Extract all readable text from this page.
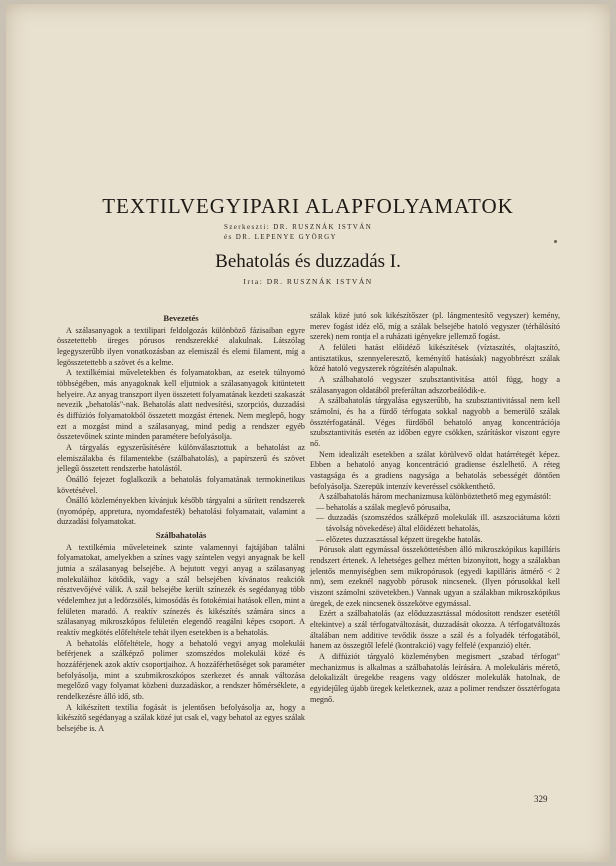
TEXTILVEGYIPARI ALAPFOLYAMATOK
Szerkeszti: DR. RUSZNÁK ISTVÁN
és DR. LEPENYE GYÖRGY
Behatolás és duzzadás I.
Irta: DR. RUSZNÁK ISTVÁN
Bevezetés

A szálasanyagok a textilipari feldolgozás különböző fázisaiban egyre összetettebb üreges pórusos rendszerekké alakulnak. Látszólag legegyszerűbb ilyen vonatkozásban az elemiszál és elemi filament, míg a legösszetettebb a szövet és a kelme.

A textilkémiai műveletekben és folyamatokban, az esetek túlnyomó többségében, más anyagoknak kell eljutniok a szálasanyagok kitüntetett helyeire. Az anyag transzport ilyen összetett folyamatának kezdeti szakaszát nevezik „behatolás"-nak. Behatolás alatt nedvesítési, szorpciós, duzzadási és diffúziós folyamatokból összetett mozgást értenek. Nem meglepő, hogy ezt a mozgást mind a szálasanyag, mind pedig a rendszer egyéb összetevőinek szinte minden paramétere befolyásolja.

A tárgyalás egyszerűsítésére különválasztottuk a behatolást az elemiszálakba és filamentekbe (szálbahatolás), a papírszerű és szövet jellegű összetett rendszerbe hatolástól.

Önálló fejezet foglalkozik a behatolás folyamatának termokinetikus követésével.

Önálló közleményekben kívánjuk később tárgyalni a sűrített rendszerek (nyomópép, appretura, nyomdafesték) behatolási folyamatait, valamint a duzzadási folyamatokat.

Szálbahatolás

A textilkémia műveleteinek szinte valamennyi fajtájában találni folyamatokat, amelyekben a színes vagy színtelen vegyi anyagnak be kell jutnia a szálasanyag belsejébe. A bejutott vegyi anyag a szálasanyag molekuláihoz kötődik, vagy a szál belsejében kívánatos reakciók résztvevőjévé válik. A szál belsejébe került színezék és segédanyag több védelemhez jut a ledörzsölés, kimosódás és fotokémiai hatások ellen, mint a felületen maradó. A reaktív színezés és kikészítés számára sincs a szálasanyag mikroszkópos felületén elegendő reagálni képes csoport. A reaktív megkötés előfeltétele tehát ilyen esetekben is a behatolás.

A behatolás előfeltétele, hogy a behatoló vegyi anyag molekulái beférjenek a szálképző polimer szomszédos molekulái közé és hozzáférjenek azok aktív csoportjaihoz. A hozzáférhetőséget sok paraméter befolyásolja, mint a szubmikroszkópos szerkezet és annak változása megelőző vagy folyamat közbeni duzzadáskor, a rendszer hőmérséklete, a rendelkezésre álló idő, stb.

A kikészített textília fogását is jelentősen befolyásolja az, hogy a kikészítő segédanyag a szálak közé jut csak el, vagy behatol az egyes szálak belsejébe is. A

szálak közé jutó sok kikészítőszer (pl. lángmentesítő vegyszer) kemény, merev fogást idéz elő, míg a szálak belsejébe hatoló vegyszer (térhálósító szerek) nem rontja el a ruházati igényekre jellemző fogást.

A felületi hatást előidéző kikészítések (víztaszítés, olajtaszító, antisztatikus, szennyeleresztő, keményítő hatásúak) nagyobbrészt szálak közé hatoló vegyszerek rögzítésén alapulnak.

A szálbahatoló vegyszer szubsztantivitása attól függ, hogy a szálasanyagon oldatából preferáltan adszorbeálódik-e.

A szálbahatolás tárgyalása egyszerűbb, ha szubsztantivitással nem kell számolni, és ha a fürdő térfogata sokkal nagyobb a bemerülő szálak össztérfogatánál. Véges fürdőből behatoló anyag koncentrációja szubsztantivitás esetén az időben egyre csökken, szárításkor viszont egyre nő.

Nem idealizált esetekben a szálat körülvevő oldat határrétegét képez. Ebben a behatoló anyag koncentráció gradiense észlelhető. A réteg vastagsága és a gradiens nagysága a behatolás sebességét döntően befolyásolja. Szerepük intenzív keveréssel csökkenthető.

A szálbahatolás három mechanizmusa különböztethető meg egymástól:

— behatolás a szálak meglevő pórusaiba,
— duzzadás (szomszédos szálképző molekulák ill. aszszociátuma közti távolság növekedése) által előidézett behatolás,
— előzetes duzzasztással képzett üregekbe hatolás.

Pórusok alatt egymással összeköttetésben álló mikroszkópikus kapilláris rendszert értenek. A lehetséges gelhez mérten bizonyított, hogy a szálakban jelentős mennyiségben sem mikropórusok (egyedi kapilláris átmérő < 2 nm), sem ezeknél nagyobb pórusok nincsenek. (Ilyen pórusokkal kell viszont számolni szövetekben.) Vannak ugyan a szálakban mikroszkópikus üregek, de ezek nincsenek összekötve egymással.

Ezért a szálbahatolás (az előduzzasztással módosított rendszer esetétől eltekintve) a szál térfogatváltozását, duzzadását okozza. A térfogatváltozás általában nem additive tevődik össze a szál és a folyadék térfogatából, hanem az összegtől lefelé (kontrakció) vagy felfelé (expanzió) eltér.

A diffúziót tárgyaló közleményben megismert „szabad térfogat" mechanizmus is alkalmas a szálbahatolás leírására. A molekuláris mérető, delokalizált üregekbe reagens vagy oldószer molekulák hatolnak, de egyidejűleg újabb üregek keletkeznek, azaz a polimer rendszer össztérfogata megnő.

329
